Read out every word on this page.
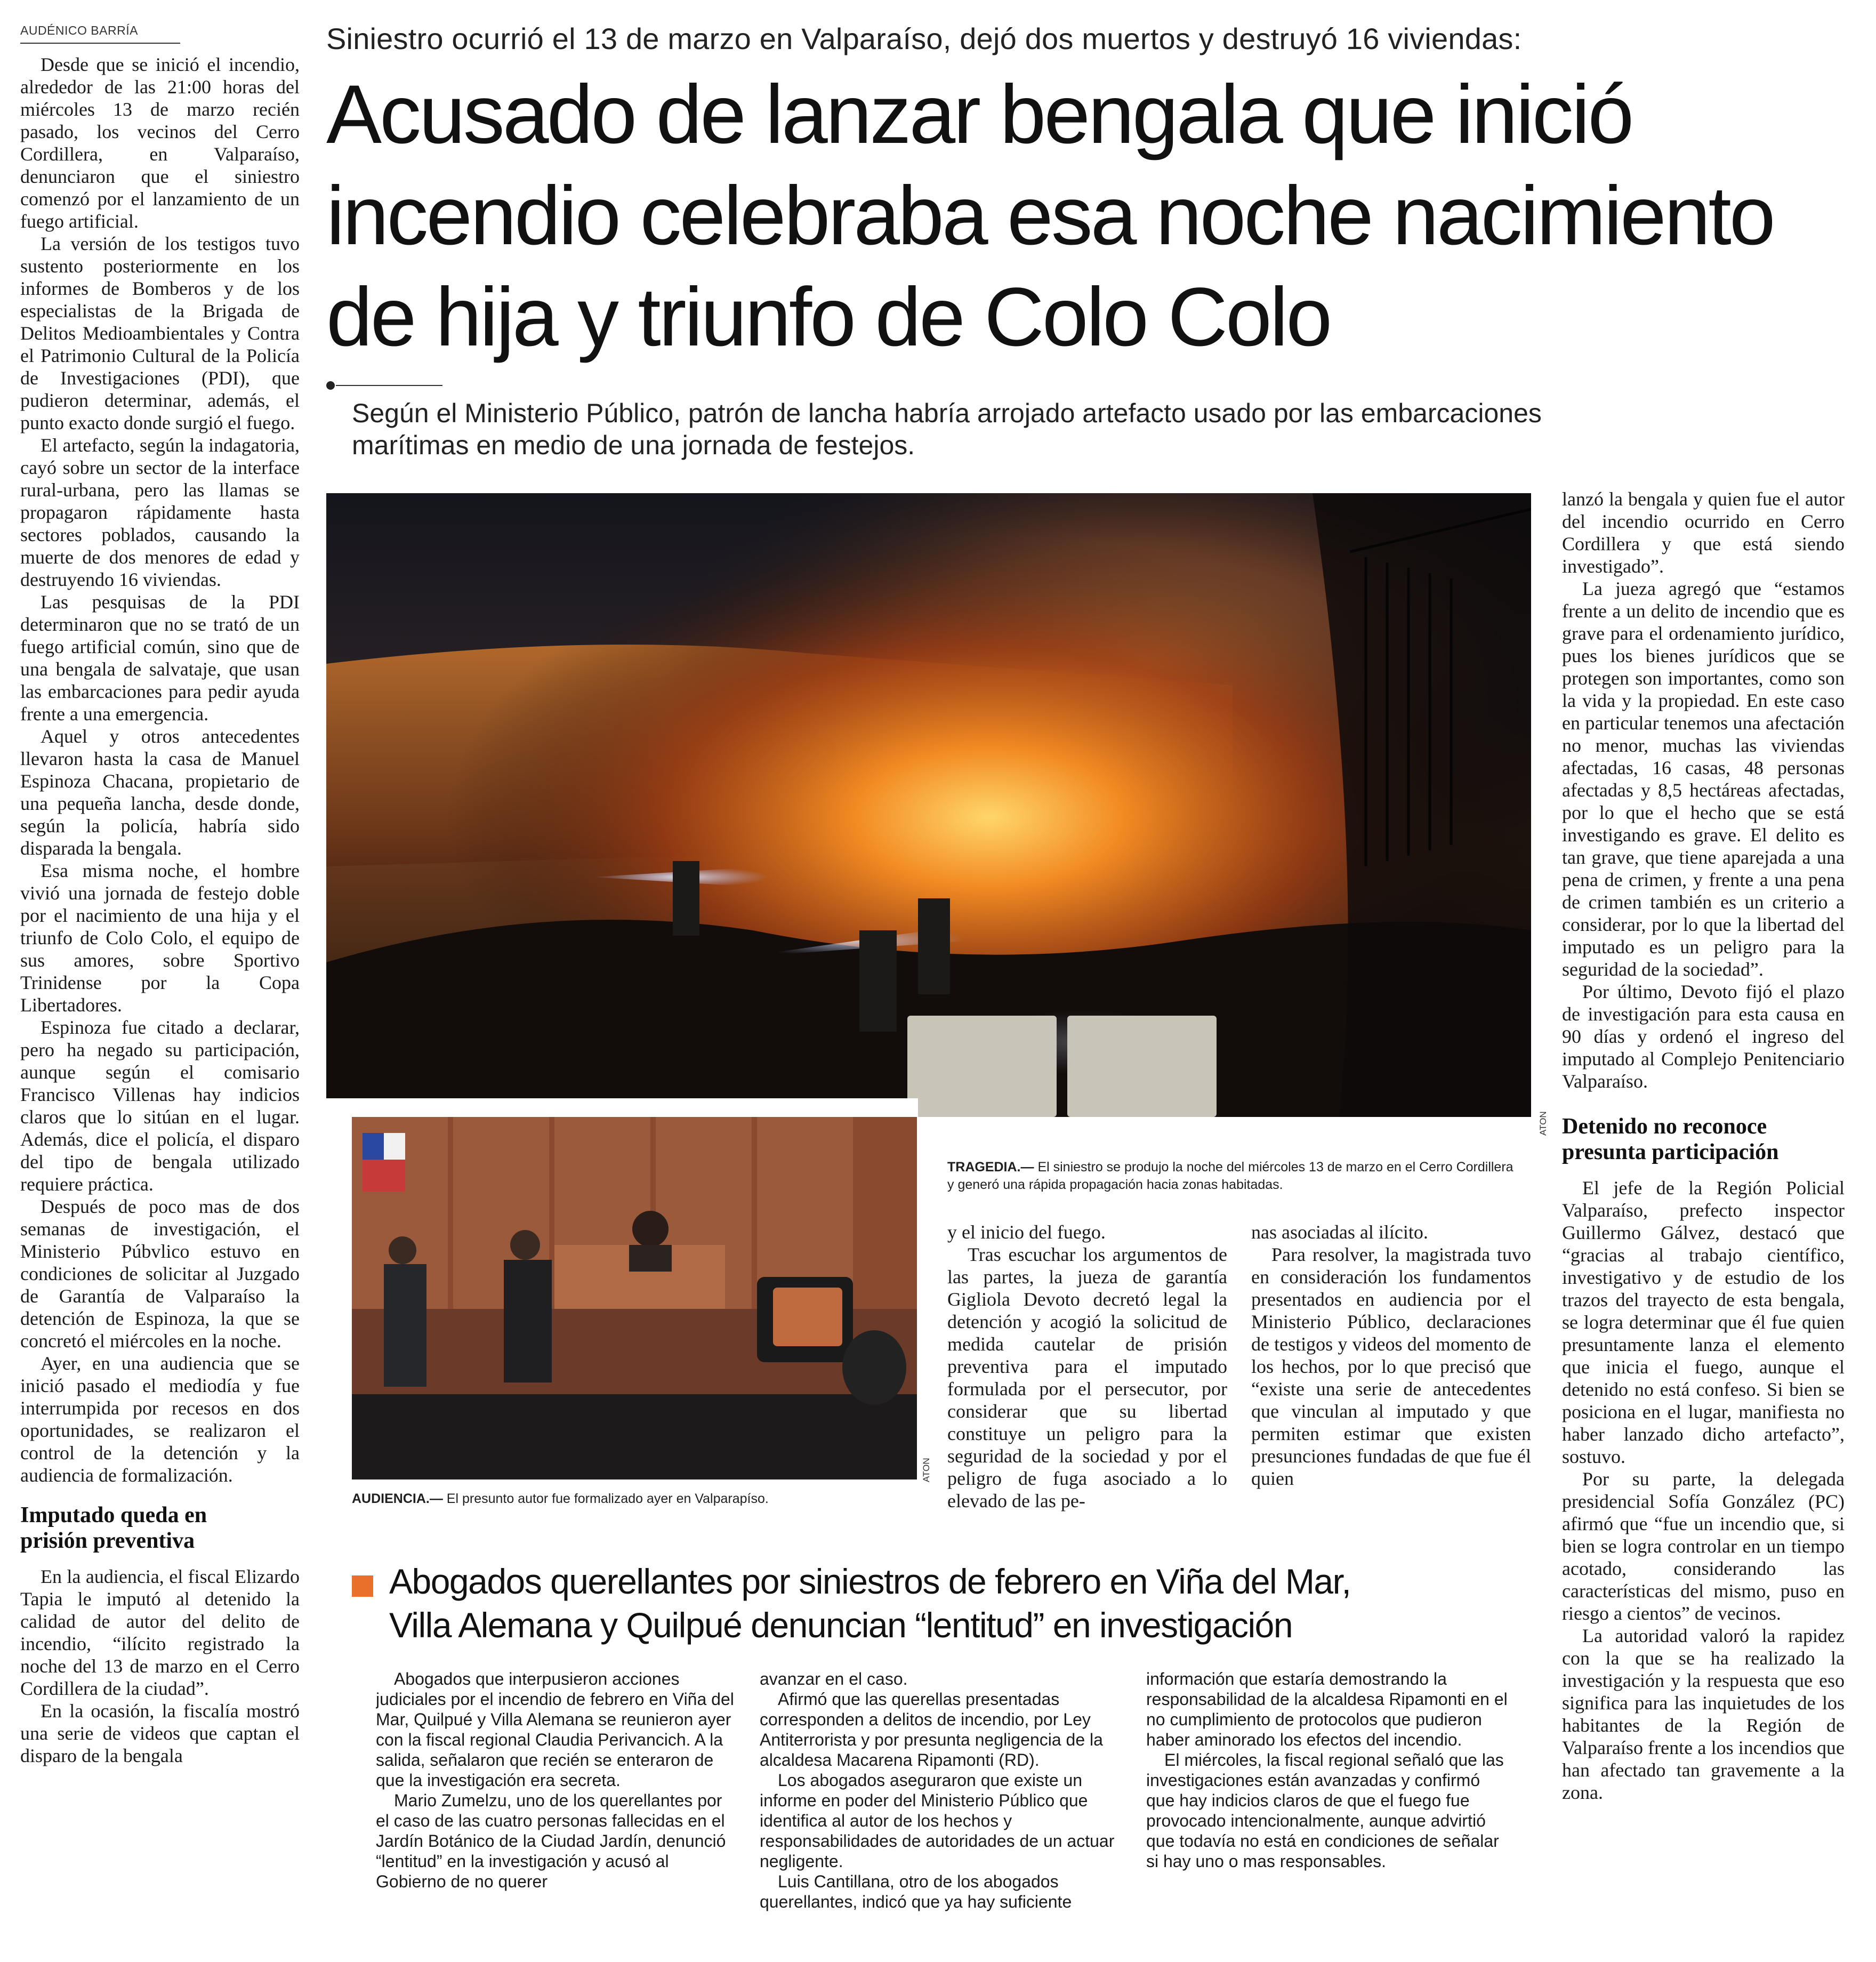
AUDÉNICO BARRÍA	Siniestro ocurrió el 13 de marzo en Valparaíso, dejó dos muertos y destruyó 16 viviendas:
Acusado de lanzar bengala que inició
incendio celebraba esa noche nacimiento
de hija y triunfo de Colo Colo
Según el Ministerio Público, patrón de lancha habría arrojado artefacto usado por las embarcaciones
marítimas en medio de una jornada de festejos.

Desde que se inició el incendio, alrededor de las 21:00 horas del miércoles 13 de marzo recién pasado, los vecinos del Cerro Cordillera, en Valparaíso, denunciaron que el siniestro comenzó por el lanzamiento de un fuego artificial.

La versión de los testigos tuvo sustento posteriormente en los informes de Bomberos y de los especialistas de la Brigada de Delitos Medioambientales y Contra el Patrimonio Cultural de la Policía de Investigaciones (PDI), que pudieron determinar, además, el punto exacto donde surgió el fuego.

El artefacto, según la indagatoria, cayó sobre un sector de la interface rural-urbana, pero las llamas se propagaron rápidamente hasta sectores poblados, causando la muerte de dos menores de edad y destruyendo 16 viviendas.

Las pesquisas de la PDI determinaron que no se trató de un fuego artificial común, sino que de una bengala de salvataje, que usan las embarcaciones para pedir ayuda frente a una emergencia.

Aquel y otros antecedentes llevaron hasta la casa de Manuel Espinoza Chacana, propietario de una pequeña lancha, desde donde, según la policía, habría sido disparada la bengala.

Esa misma noche, el hombre vivió una jornada de festejo doble por el nacimiento de una hija y el triunfo de Colo Colo, el equipo de sus amores, sobre Sportivo Trinidense por la Copa Libertadores.

Espinoza fue citado a declarar, pero ha negado su participación, aunque según el comisario Francisco Villenas hay indicios claros que lo sitúan en el lugar. Además, dice el policía, el disparo del tipo de bengala utilizado requiere práctica.

Después de poco mas de dos semanas de investigación, el Ministerio Púbvlico estuvo en condiciones de solicitar al Juzgado de Garantía de Valparaíso la detención de Espinoza, la que se concretó el miércoles en la noche.

Ayer, en una audiencia que se inició pasado el mediodía y fue interrumpida por recesos en dos oportunidades, se realizaron el control de la detención y la audiencia de formalización.

Imputado queda en prisión preventiva

En la audiencia, el fiscal Elizardo Tapia le imputó al detenido la calidad de autor del delito de incendio, “ilícito registrado la noche del 13 de marzo en el Cerro Cordillera de la ciudad”.

En la ocasión, la fiscalía mostró una serie de videos que captan el disparo de la bengala

ATON
ATON
TRAGEDIA.— El siniestro se produjo la noche del miércoles 13 de marzo en el Cerro Cordillera y generó una rápida propagación hacia zonas habitadas.
AUDIENCIA.— El presunto autor fue formalizado ayer en Valparapíso.

y el inicio del fuego.

Tras escuchar los argumentos de las partes, la jueza de garantía Gigliola Devoto decretó legal la detención y acogió la solicitud de medida cautelar de prisión preventiva para el imputado formulada por el persecutor, por considerar que su libertad constituye un peligro para la seguridad de la sociedad y por el peligro de fuga asociado a lo elevado de las pe-

nas asociadas al ilícito.

Para resolver, la magistrada tuvo en consideración los fundamentos presentados en audiencia por el Ministerio Público, declaraciones de testigos y videos del momento de los hechos, por lo que precisó que “existe una serie de antecedentes que vinculan al imputado y que permiten estimar que existen presunciones fundadas de que fue él quien

lanzó la bengala y quien fue el autor del incendio ocurrido en Cerro Cordillera y que está siendo investigado”.

La jueza agregó que “estamos frente a un delito de incendio que es grave para el ordenamiento jurídico, pues los bienes jurídicos que se protegen son importantes, como son la vida y la propiedad. En este caso en particular tenemos una afectación no menor, muchas las viviendas afectadas, 16 casas, 48 personas afectadas y 8,5 hectáreas afectadas, por lo que el hecho que se está investigando es grave. El delito es tan grave, que tiene aparejada a una pena de crimen, y frente a una pena de crimen también es un criterio a considerar, por lo que la libertad del imputado es un peligro para la seguridad de la sociedad”.

Por último, Devoto fijó el plazo de investigación para esta causa en 90 días y ordenó el ingreso del imputado al Complejo Penitenciario Valparaíso.

Detenido no reconoce presunta participación

El jefe de la Región Policial Valparaíso, prefecto inspector Guillermo Gálvez, destacó que “gracias al trabajo científico, investigativo y de estudio de los trazos del trayecto de esta bengala, se logra determinar que él fue quien presuntamente lanza el elemento que inicia el fuego, aunque el detenido no está confeso. Si bien se posiciona en el lugar, manifiesta no haber lanzado dicho artefacto”, sostuvo.

Por su parte, la delegada presidencial Sofía González (PC) afirmó que “fue un incendio que, si bien se logra controlar en un tiempo acotado, considerando las características del mismo, puso en riesgo a cientos” de vecinos.

La autoridad valoró la rapidez con la que se ha realizado la investigación y la respuesta que eso significa para las inquietudes de los habitantes de la Región de Valparaíso frente a los incendios que han afectado tan gravemente a la zona.

Abogados querellantes por siniestros de febrero en Viña del Mar,
Villa Alemana y Quilpué denuncian “lentitud” en investigación

Abogados que interpusieron acciones judiciales por el incendio de febrero en Viña del Mar, Quilpué y Villa Alemana se reunieron ayer con la fiscal regional Claudia Perivancich. A la salida, señalaron que recién se enteraron de que la investigación era secreta.

Mario Zumelzu, uno de los querellantes por el caso de las cuatro personas fallecidas en el Jardín Botánico de la Ciudad Jardín, denunció “lentitud” en la investigación y acusó al Gobierno de no querer

avanzar en el caso.

Afirmó que las querellas presentadas corresponden a delitos de incendio, por Ley Antiterrorista y por presunta negligencia de la alcaldesa Macarena Ripamonti (RD).

Los abogados aseguraron que existe un informe en poder del Ministerio Público que identifica al autor de los hechos y responsabilidades de autoridades de un actuar negligente.

Luis Cantillana, otro de los abogados querellantes, indicó que ya hay suficiente

información que estaría demostrando la responsabilidad de la alcaldesa Ripamonti en el no cumplimiento de protocolos que pudieron haber aminorado los efectos del incendio.

El miércoles, la fiscal regional señaló que las investigaciones están avanzadas y confirmó que hay indicios claros de que el fuego fue provocado intencionalmente, aunque advirtió que todavía no está en condiciones de señalar si hay uno o mas responsables.
